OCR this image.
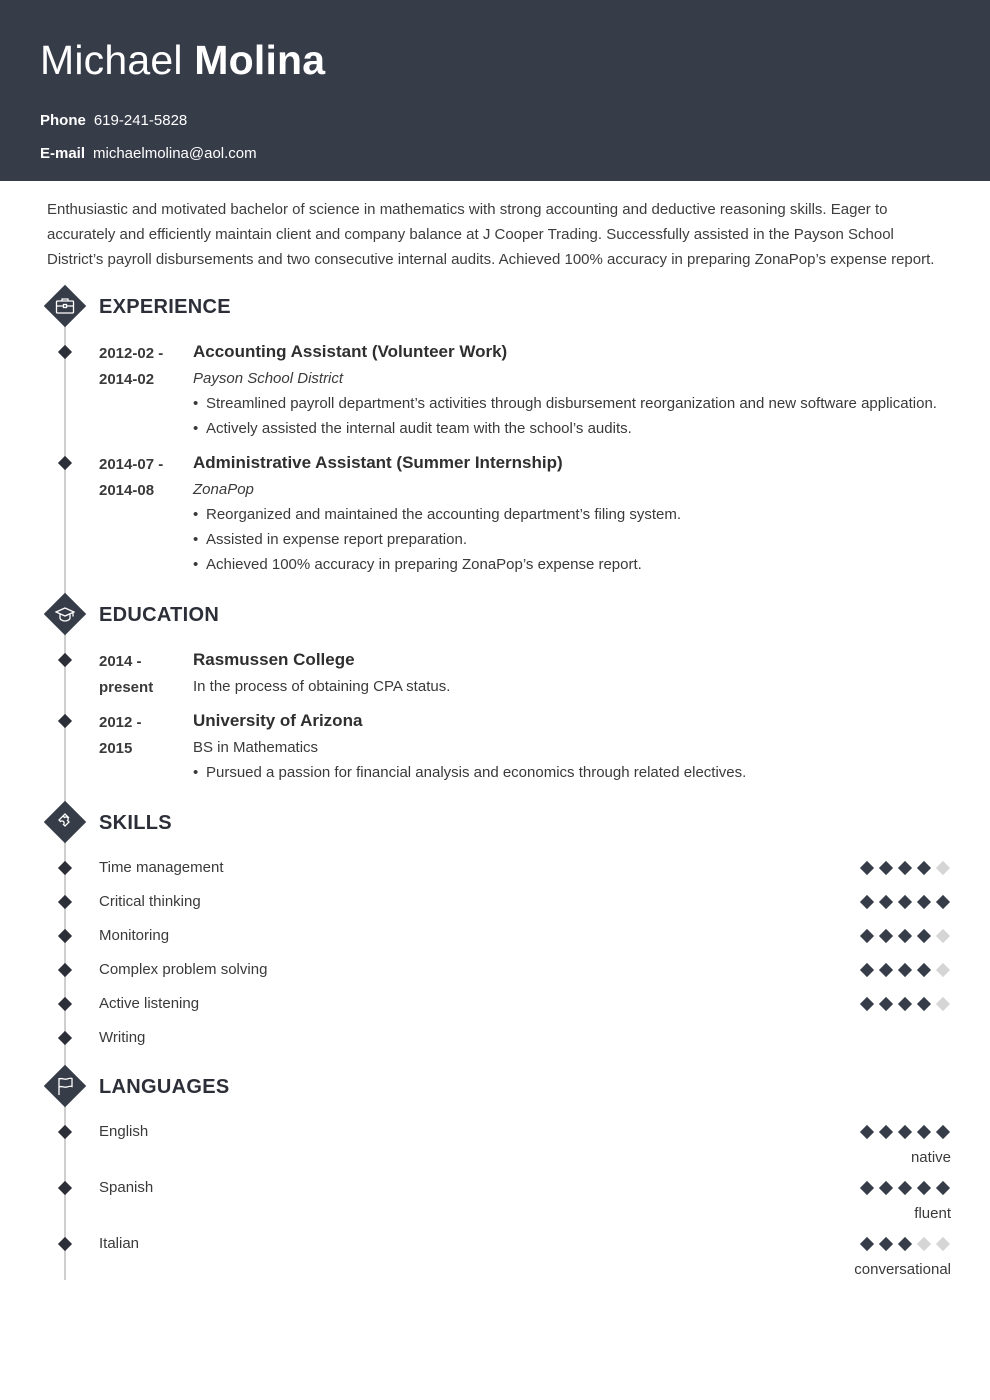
Michael Molina
Phone 619-241-5828
E-mail michaelmolina@aol.com

Enthusiastic and motivated bachelor of science in mathematics with strong accounting and deductive reasoning skills. Eager to accurately and efficiently maintain client and company balance at J Cooper Trading. Successfully assisted in the Payson School District’s payroll disbursements and two consecutive internal audits. Achieved 100% accuracy in preparing ZonaPop’s expense report.

EXPERIENCE
2012-02 -
2014-02
Accounting Assistant (Volunteer Work)
Payson School District
• Streamlined payroll department’s activities through disbursement reorganization and new software application.
• Actively assisted the internal audit team with the school’s audits.
2014-07 -
2014-08
Administrative Assistant (Summer Internship)
ZonaPop
• Reorganized and maintained the accounting department’s filing system.
• Assisted in expense report preparation.
• Achieved 100% accuracy in preparing ZonaPop’s expense report.
EDUCATION
2014 -
present
Rasmussen College
In the process of obtaining CPA status.
2012 -
2015
University of Arizona
BS in Mathematics
• Pursued a passion for financial analysis and economics through related electives.
SKILLS
Time management
Critical thinking
Monitoring
Complex problem solving
Active listening
Writing
LANGUAGES
English
native
Spanish
fluent
Italian
conversational
